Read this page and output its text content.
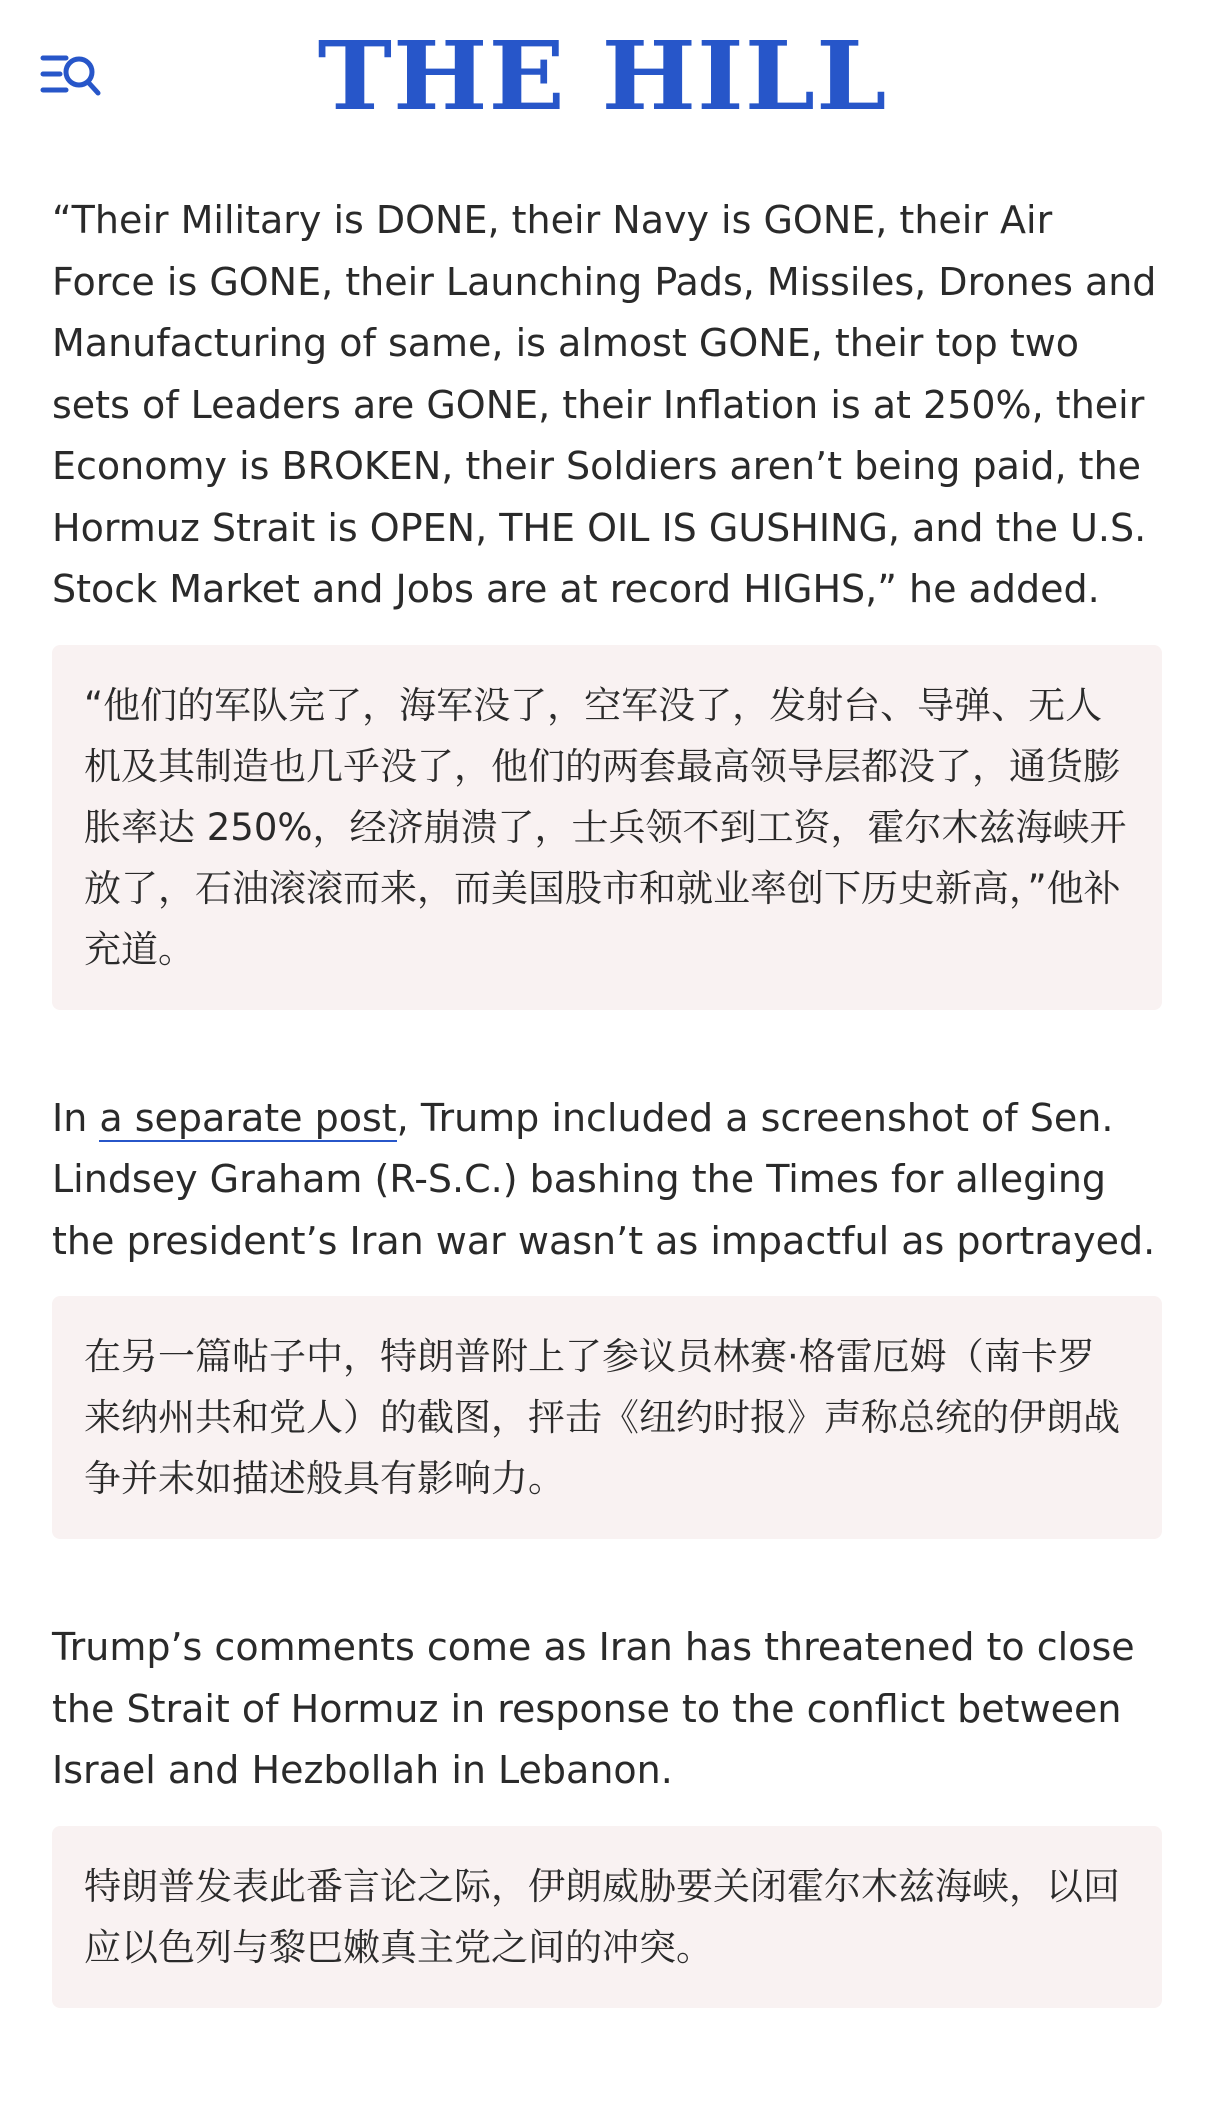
THE HILL

“Their Military is DONE, their Navy is GONE, their Air Force is GONE, their Launching Pads, Missiles, Drones and Manufacturing of same, is almost GONE, their top two sets of Leaders are GONE, their Inflation is at 250%, their Economy is BROKEN, their Soldiers aren’t being paid, the Hormuz Strait is OPEN, THE OIL IS GUSHING, and the U.S. Stock Market and Jobs are at record HIGHS,” he added.

“他们的军队完了，海军没了，空军没了，发射台、导弹、无人机及其制造也几乎没了，他们的两套最高领导层都没了，通货膨胀率达 250%，经济崩溃了，士兵领不到工资，霍尔木兹海峡开放了，石油滚滚而来，而美国股市和就业率创下历史新高，”他补充道。

In a separate post, Trump included a screenshot of Sen. Lindsey Graham (R-S.C.) bashing the Times for alleging the president’s Iran war wasn’t as impactful as portrayed.

在另一篇帖子中，特朗普附上了参议员林赛·格雷厄姆（南卡罗来纳州共和党人）的截图，抨击《纽约时报》声称总统的伊朗战争并未如描述般具有影响力。

Trump’s comments come as Iran has threatened to close the Strait of Hormuz in response to the conflict between Israel and Hezbollah in Lebanon.

特朗普发表此番言论之际，伊朗威胁要关闭霍尔木兹海峡，以回应以色列与黎巴嫩真主党之间的冲突。
